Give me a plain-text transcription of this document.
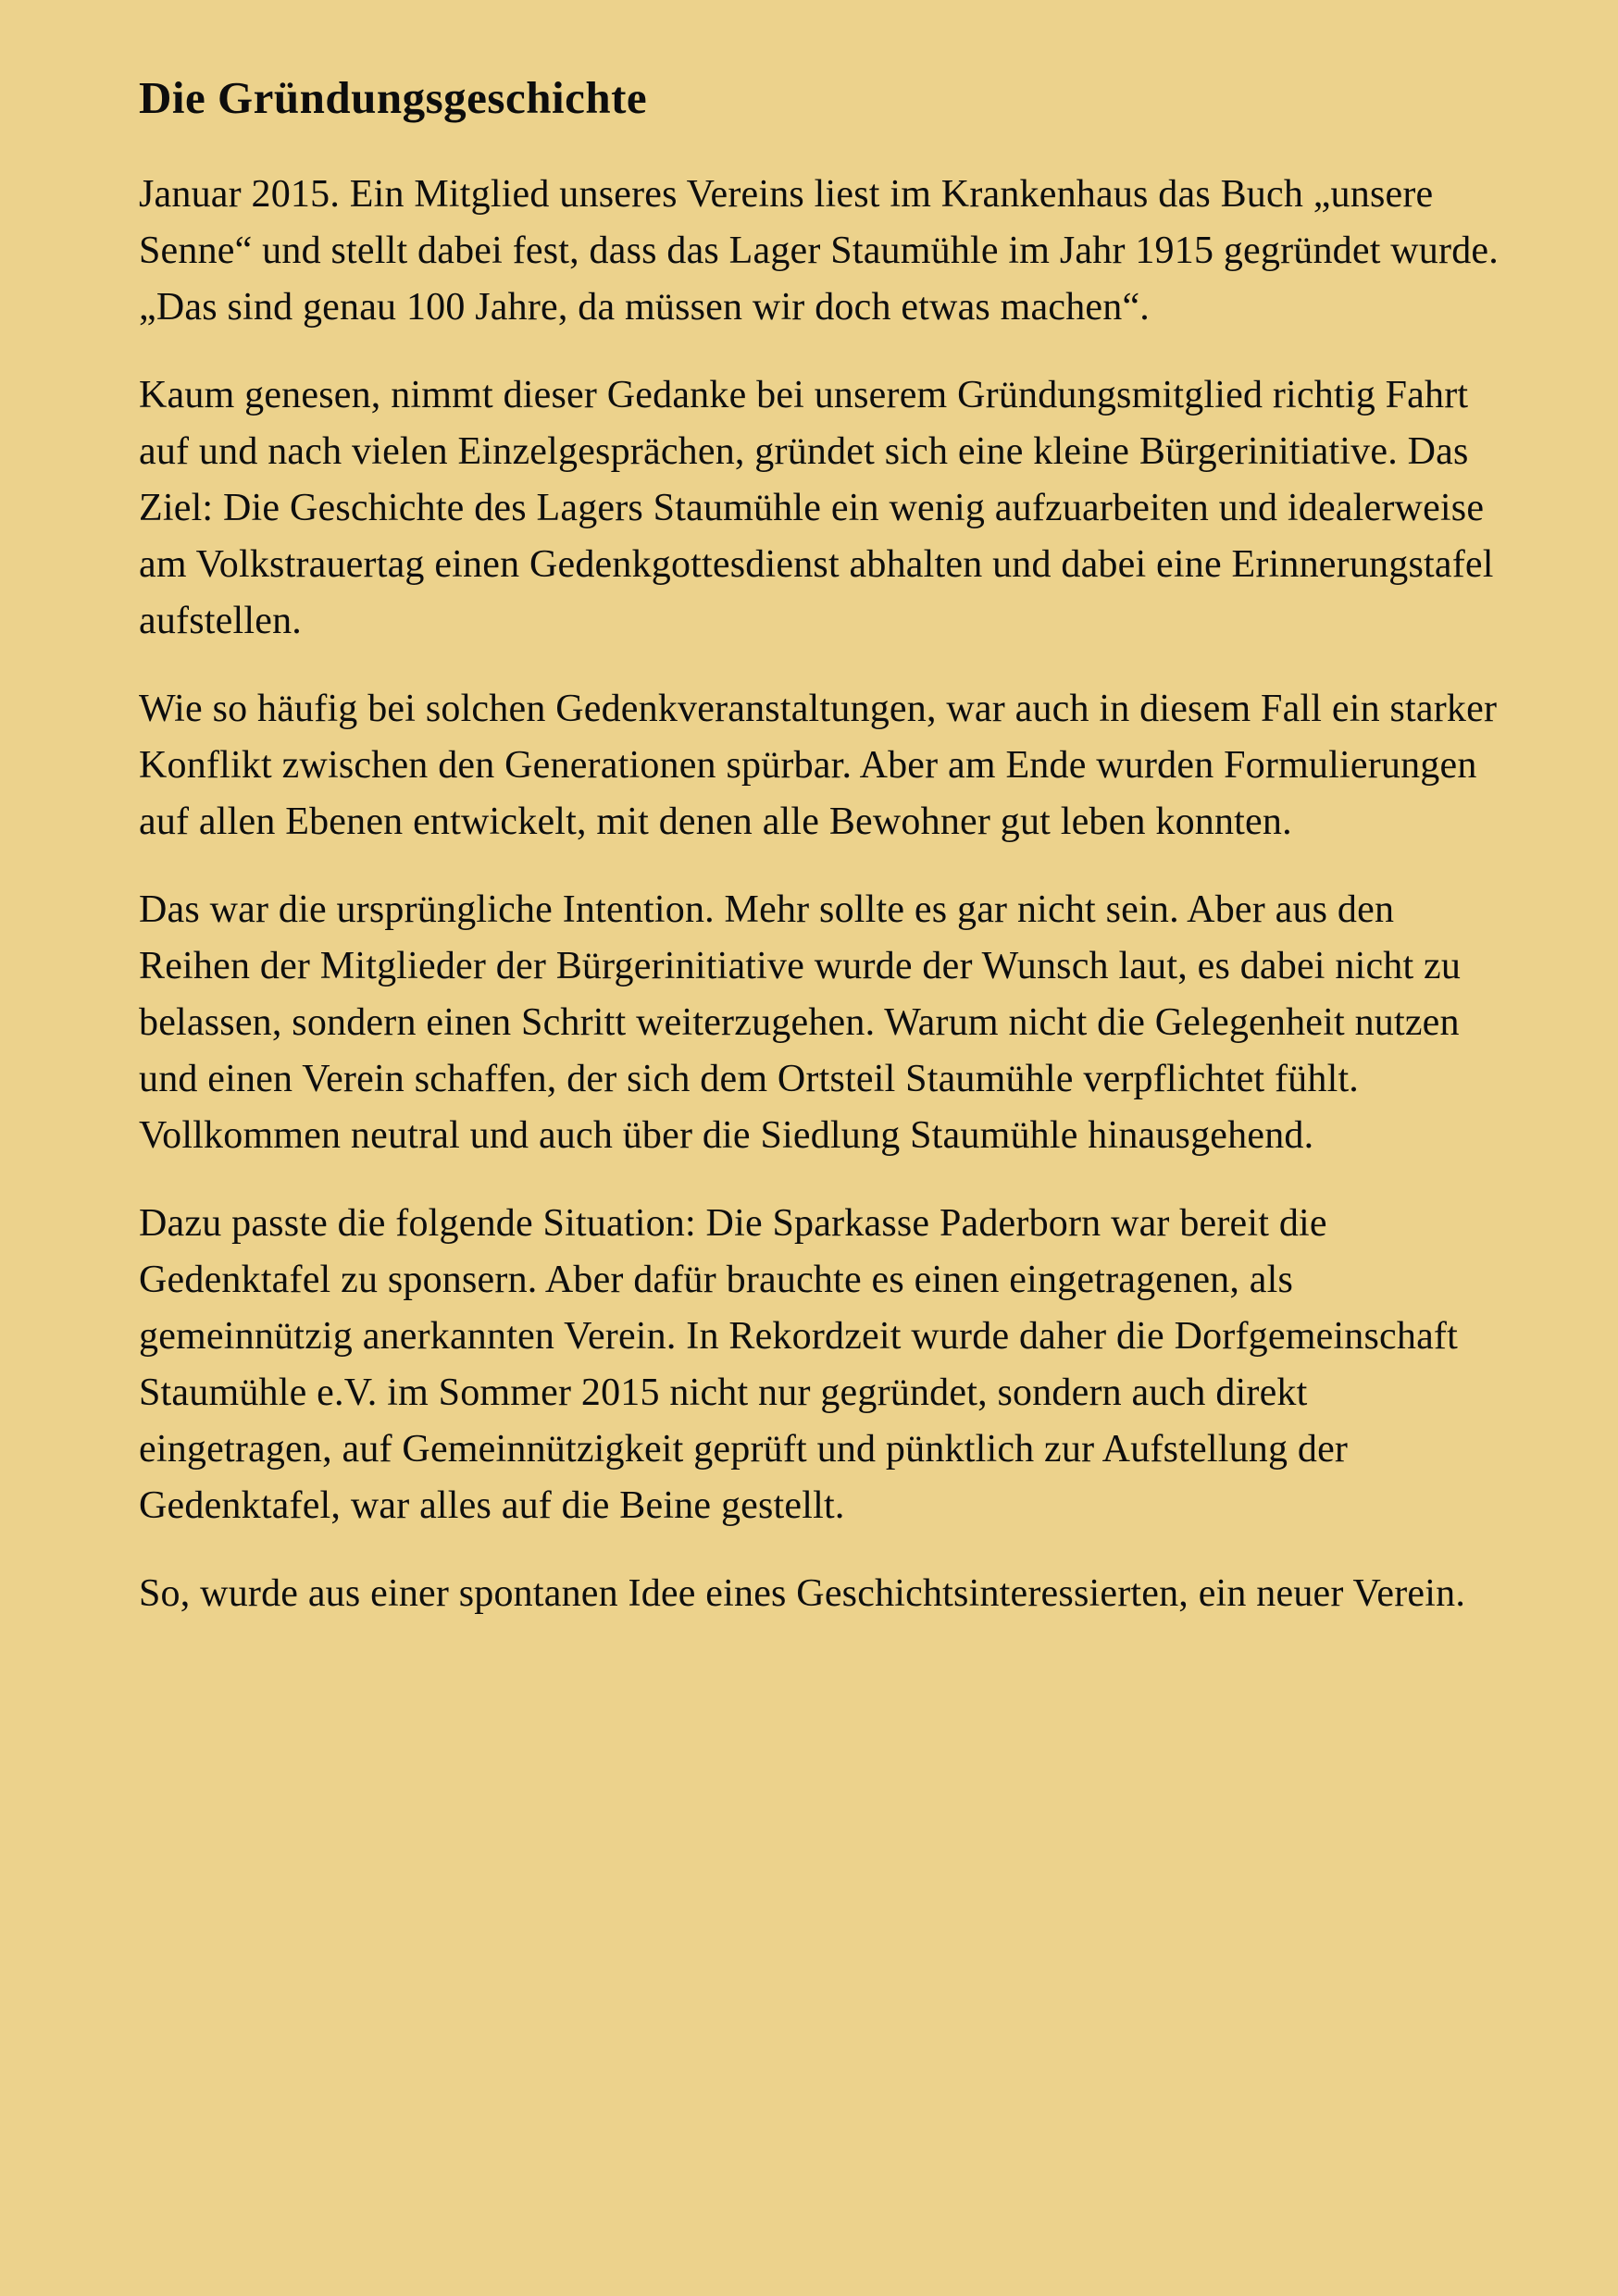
Die Gründungsgeschichte

Januar 2015. Ein Mitglied unseres Vereins liest im Krankenhaus das Buch „unsere Senne“ und stellt dabei fest, dass das Lager Staumühle im Jahr 1915 gegründet wurde. „Das sind genau 100 Jahre, da müssen wir doch etwas machen“.

Kaum genesen, nimmt dieser Gedanke bei unserem Gründungsmitglied richtig Fahrt auf und nach vielen Einzelgesprächen, gründet sich eine kleine Bürgerinitiative. Das Ziel: Die Geschichte des Lagers Staumühle ein wenig aufzuarbeiten und idealerweise am Volkstrauertag einen Gedenkgottesdienst abhalten und dabei eine Erinnerungstafel aufstellen.

Wie so häufig bei solchen Gedenkveranstaltungen, war auch in diesem Fall ein starker Konflikt zwischen den Generationen spürbar. Aber am Ende wurden Formulierungen auf allen Ebenen entwickelt, mit denen alle Bewohner gut leben konnten.

Das war die ursprüngliche Intention. Mehr sollte es gar nicht sein. Aber aus den Reihen der Mitglieder der Bürgerinitiative wurde der Wunsch laut, es dabei nicht zu belassen, sondern einen Schritt weiterzugehen. Warum nicht die Gelegenheit nutzen und einen Verein schaffen, der sich dem Ortsteil Staumühle verpflichtet fühlt. Vollkommen neutral und auch über die Siedlung Staumühle hinausgehend.

Dazu passte die folgende Situation: Die Sparkasse Paderborn war bereit die Gedenktafel zu sponsern. Aber dafür brauchte es einen eingetragenen, als gemeinnützig anerkannten Verein. In Rekordzeit wurde daher die Dorfgemeinschaft Staumühle e.V. im Sommer 2015 nicht nur gegründet, sondern auch direkt eingetragen, auf Gemeinnützigkeit geprüft und pünktlich zur Aufstellung der Gedenktafel, war alles auf die Beine gestellt.

So, wurde aus einer spontanen Idee eines Geschichtsinteressierten, ein neuer Verein.
